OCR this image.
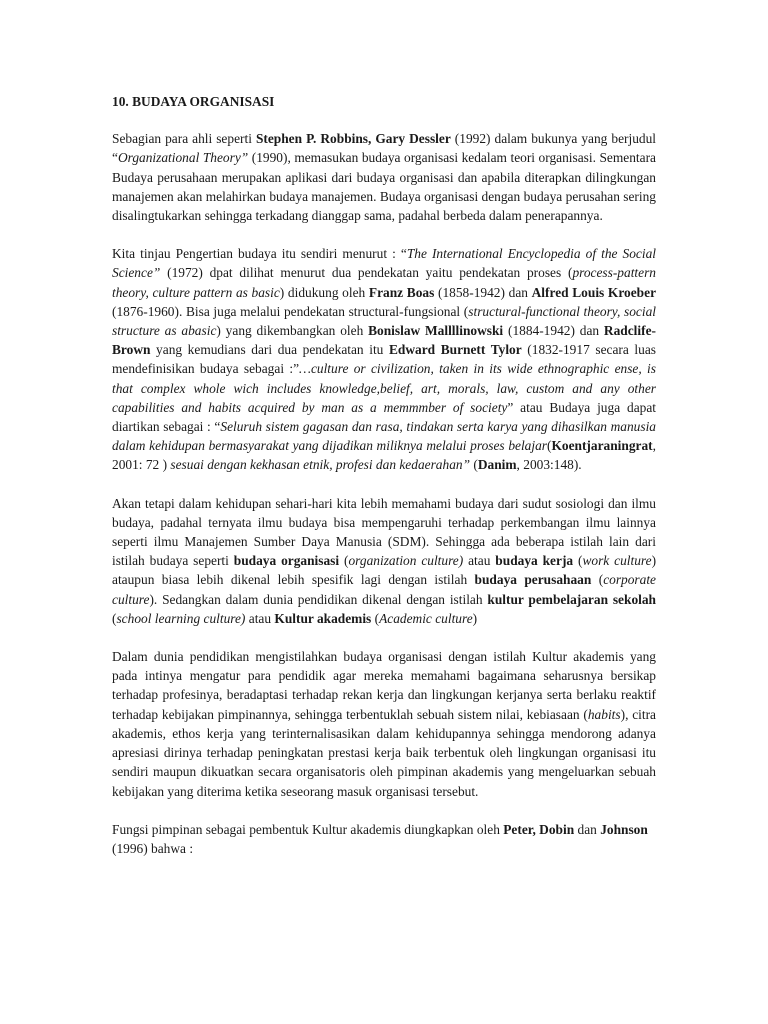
10. BUDAYA ORGANISASI

Sebagian para ahli seperti Stephen P. Robbins, Gary Dessler (1992) dalam bukunya yang berjudul “Organizational Theory” (1990), memasukan budaya organisasi kedalam teori organisasi. Sementara Budaya perusahaan merupakan aplikasi dari budaya organisasi dan apabila diterapkan dilingkungan manajemen akan melahirkan budaya manajemen. Budaya organisasi dengan budaya perusahan sering disalingtukarkan sehingga terkadang dianggap sama, padahal berbeda dalam penerapannya.

Kita tinjau Pengertian budaya itu sendiri menurut : “The International Encyclopedia of the Social Science” (1972) dpat dilihat menurut dua pendekatan yaitu pendekatan proses (process-pattern theory, culture pattern as basic) didukung oleh Franz Boas (1858-1942) dan Alfred Louis Kroeber (1876-1960). Bisa juga melalui pendekatan structural-fungsional (structural-functional theory, social structure as abasic) yang dikembangkan oleh Bonislaw Mallllinowski (1884-1942) dan Radclife-Brown yang kemudians dari dua pendekatan itu Edward Burnett Tylor (1832-1917 secara luas mendefinisikan budaya sebagai :”…culture or civilization, taken in its wide ethnographic ense, is that complex whole wich includes knowledge,belief, art, morals, law, custom and any other capabilities and habits acquired by man as a memmmber of society” atau Budaya juga dapat diartikan sebagai : “Seluruh sistem gagasan dan rasa, tindakan serta karya yang dihasilkan manusia dalam kehidupan bermasyarakat yang dijadikan miliknya melalui proses belajar(Koentjaraningrat, 2001: 72 ) sesuai dengan kekhasan etnik, profesi dan kedaerahan” (Danim, 2003:148).

Akan tetapi dalam kehidupan sehari-hari kita lebih memahami budaya dari sudut sosiologi dan ilmu budaya, padahal ternyata ilmu budaya bisa mempengaruhi terhadap perkembangan ilmu lainnya seperti ilmu Manajemen Sumber Daya Manusia (SDM). Sehingga ada beberapa istilah lain dari istilah budaya seperti budaya organisasi (organization culture) atau budaya kerja (work culture) ataupun biasa lebih dikenal lebih spesifik lagi dengan istilah budaya perusahaan (corporate culture). Sedangkan dalam dunia pendidikan dikenal dengan istilah kultur pembelajaran sekolah (school learning culture) atau Kultur akademis (Academic culture)

Dalam dunia pendidikan mengistilahkan budaya organisasi dengan istilah Kultur akademis yang pada intinya mengatur para pendidik agar mereka memahami bagaimana seharusnya bersikap terhadap profesinya, beradaptasi terhadap rekan kerja dan lingkungan kerjanya serta berlaku reaktif terhadap kebijakan pimpinannya, sehingga terbentuklah sebuah sistem nilai, kebiasaan (habits), citra akademis, ethos kerja yang terinternalisasikan dalam kehidupannya sehingga mendorong adanya apresiasi dirinya terhadap peningkatan prestasi kerja baik terbentuk oleh lingkungan organisasi itu sendiri maupun dikuatkan secara organisatoris oleh pimpinan akademis yang mengeluarkan sebuah kebijakan yang diterima ketika seseorang masuk organisasi tersebut.

Fungsi pimpinan sebagai pembentuk Kultur akademis diungkapkan oleh Peter, Dobin dan Johnson (1996) bahwa :
